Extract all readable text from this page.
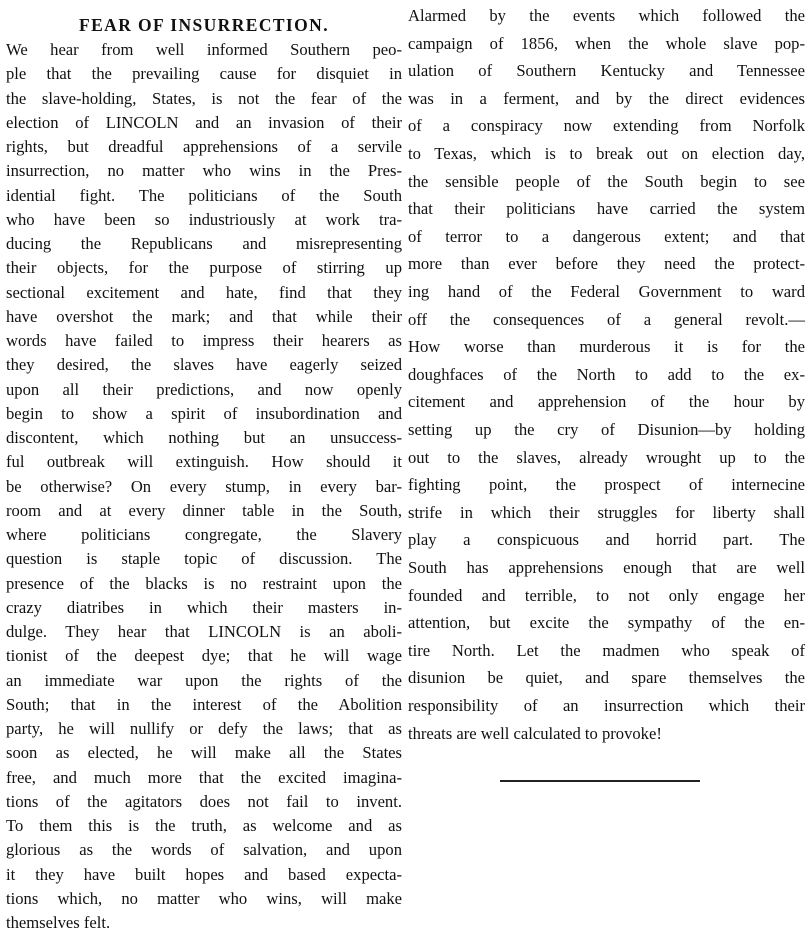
FEAR OF INSURRECTION.
We hear from well informed Southern peo-
ple that the prevailing cause for disquiet in
the slave-holding, States, is not the fear of the
election of LINCOLN and an invasion of their
rights, but dreadful apprehensions of a servile
insurrection, no matter who wins in the Pres-
idential fight. The politicians of the South
who have been so industriously at work tra-
ducing the Republicans and misrepresenting
their objects, for the purpose of stirring up
sectional excitement and hate, find that they
have overshot the mark; and that while their
words have failed to impress their hearers as
they desired, the slaves have eagerly seized
upon all their predictions, and now openly
begin to show a spirit of insubordination and
discontent, which nothing but an unsuccess-
ful outbreak will extinguish. How should it
be otherwise? On every stump, in every bar-
room and at every dinner table in the South,
where politicians congregate, the Slavery
question is staple topic of discussion. The
presence of the blacks is no restraint upon the
crazy diatribes in which their masters in-
dulge. They hear that LINCOLN is an aboli-
tionist of the deepest dye; that he will wage
an immediate war upon the rights of the
South; that in the interest of the Abolition
party, he will nullify or defy the laws; that as
soon as elected, he will make all the States
free, and much more that the excited imagina-
tions of the agitators does not fail to invent.
To them this is the truth, as welcome and as
glorious as the words of salvation, and upon
it they have built hopes and based expecta-
tions which, no matter who wins, will make
themselves felt.
Alarmed by the events which followed the
campaign of 1856, when the whole slave pop-
ulation of Southern Kentucky and Tennessee
was in a ferment, and by the direct evidences
of a conspiracy now extending from Norfolk
to Texas, which is to break out on election day,
the sensible people of the South begin to see
that their politicians have carried the system
of terror to a dangerous extent; and that
more than ever before they need the protect-
ing hand of the Federal Government to ward
off the consequences of a general revolt.—
How worse than murderous it is for the
doughfaces of the North to add to the ex-
citement and apprehension of the hour by
setting up the cry of Disunion—by holding
out to the slaves, already wrought up to the
fighting point, the prospect of internecine
strife in which their struggles for liberty shall
play a conspicuous and horrid part. The
South has apprehensions enough that are well
founded and terrible, to not only engage her
attention, but excite the sympathy of the en-
tire North. Let the madmen who speak of
disunion be quiet, and spare themselves the
responsibility of an insurrection which their
threats are well calculated to provoke!
